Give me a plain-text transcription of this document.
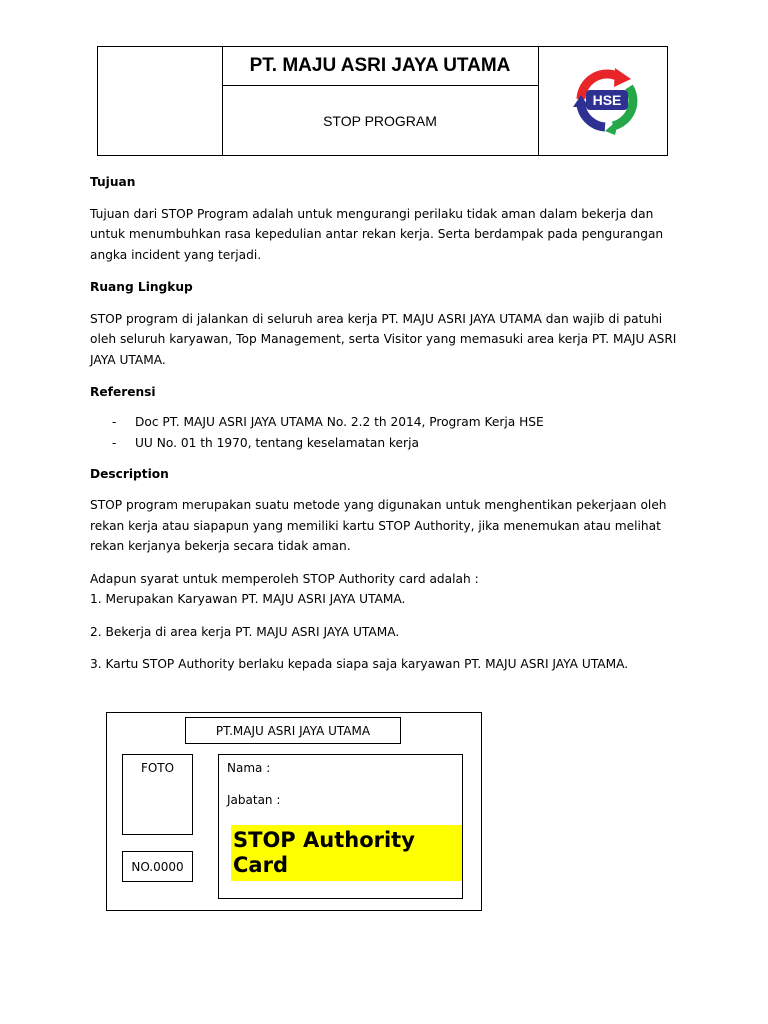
PT. MAJU ASRI JAYA UTAMA
STOP PROGRAM
HSE
Tujuan

Tujuan dari STOP Program adalah untuk mengurangi perilaku tidak aman dalam bekerja dan untuk menumbuhkan rasa kepedulian antar rekan kerja. Serta berdampak pada pengurangan angka incident yang terjadi.

Ruang Lingkup

STOP program di jalankan di seluruh area kerja PT. MAJU ASRI JAYA UTAMA dan wajib di patuhi oleh seluruh karyawan, Top Management, serta Visitor yang memasuki area kerja PT. MAJU ASRI JAYA UTAMA.

Referensi
- Doc PT. MAJU ASRI JAYA UTAMA No. 2.2 th 2014, Program Kerja HSE
- UU No. 01 th 1970, tentang keselamatan kerja
Description

STOP program merupakan suatu metode yang digunakan untuk menghentikan pekerjaan oleh rekan kerja atau siapapun yang memiliki kartu STOP Authority, jika menemukan atau melihat rekan kerjanya bekerja secara tidak aman.

Adapun syarat untuk memperoleh STOP Authority card adalah :

1. Merupakan Karyawan PT. MAJU ASRI JAYA UTAMA.

2. Bekerja di area kerja PT. MAJU ASRI JAYA UTAMA.

3. Kartu STOP Authority berlaku kepada siapa saja karyawan PT. MAJU ASRI JAYA UTAMA.

PT.MAJU ASRI JAYA UTAMA
FOTO
NO.0000
Nama :
Jabatan :
STOP Authority Card
